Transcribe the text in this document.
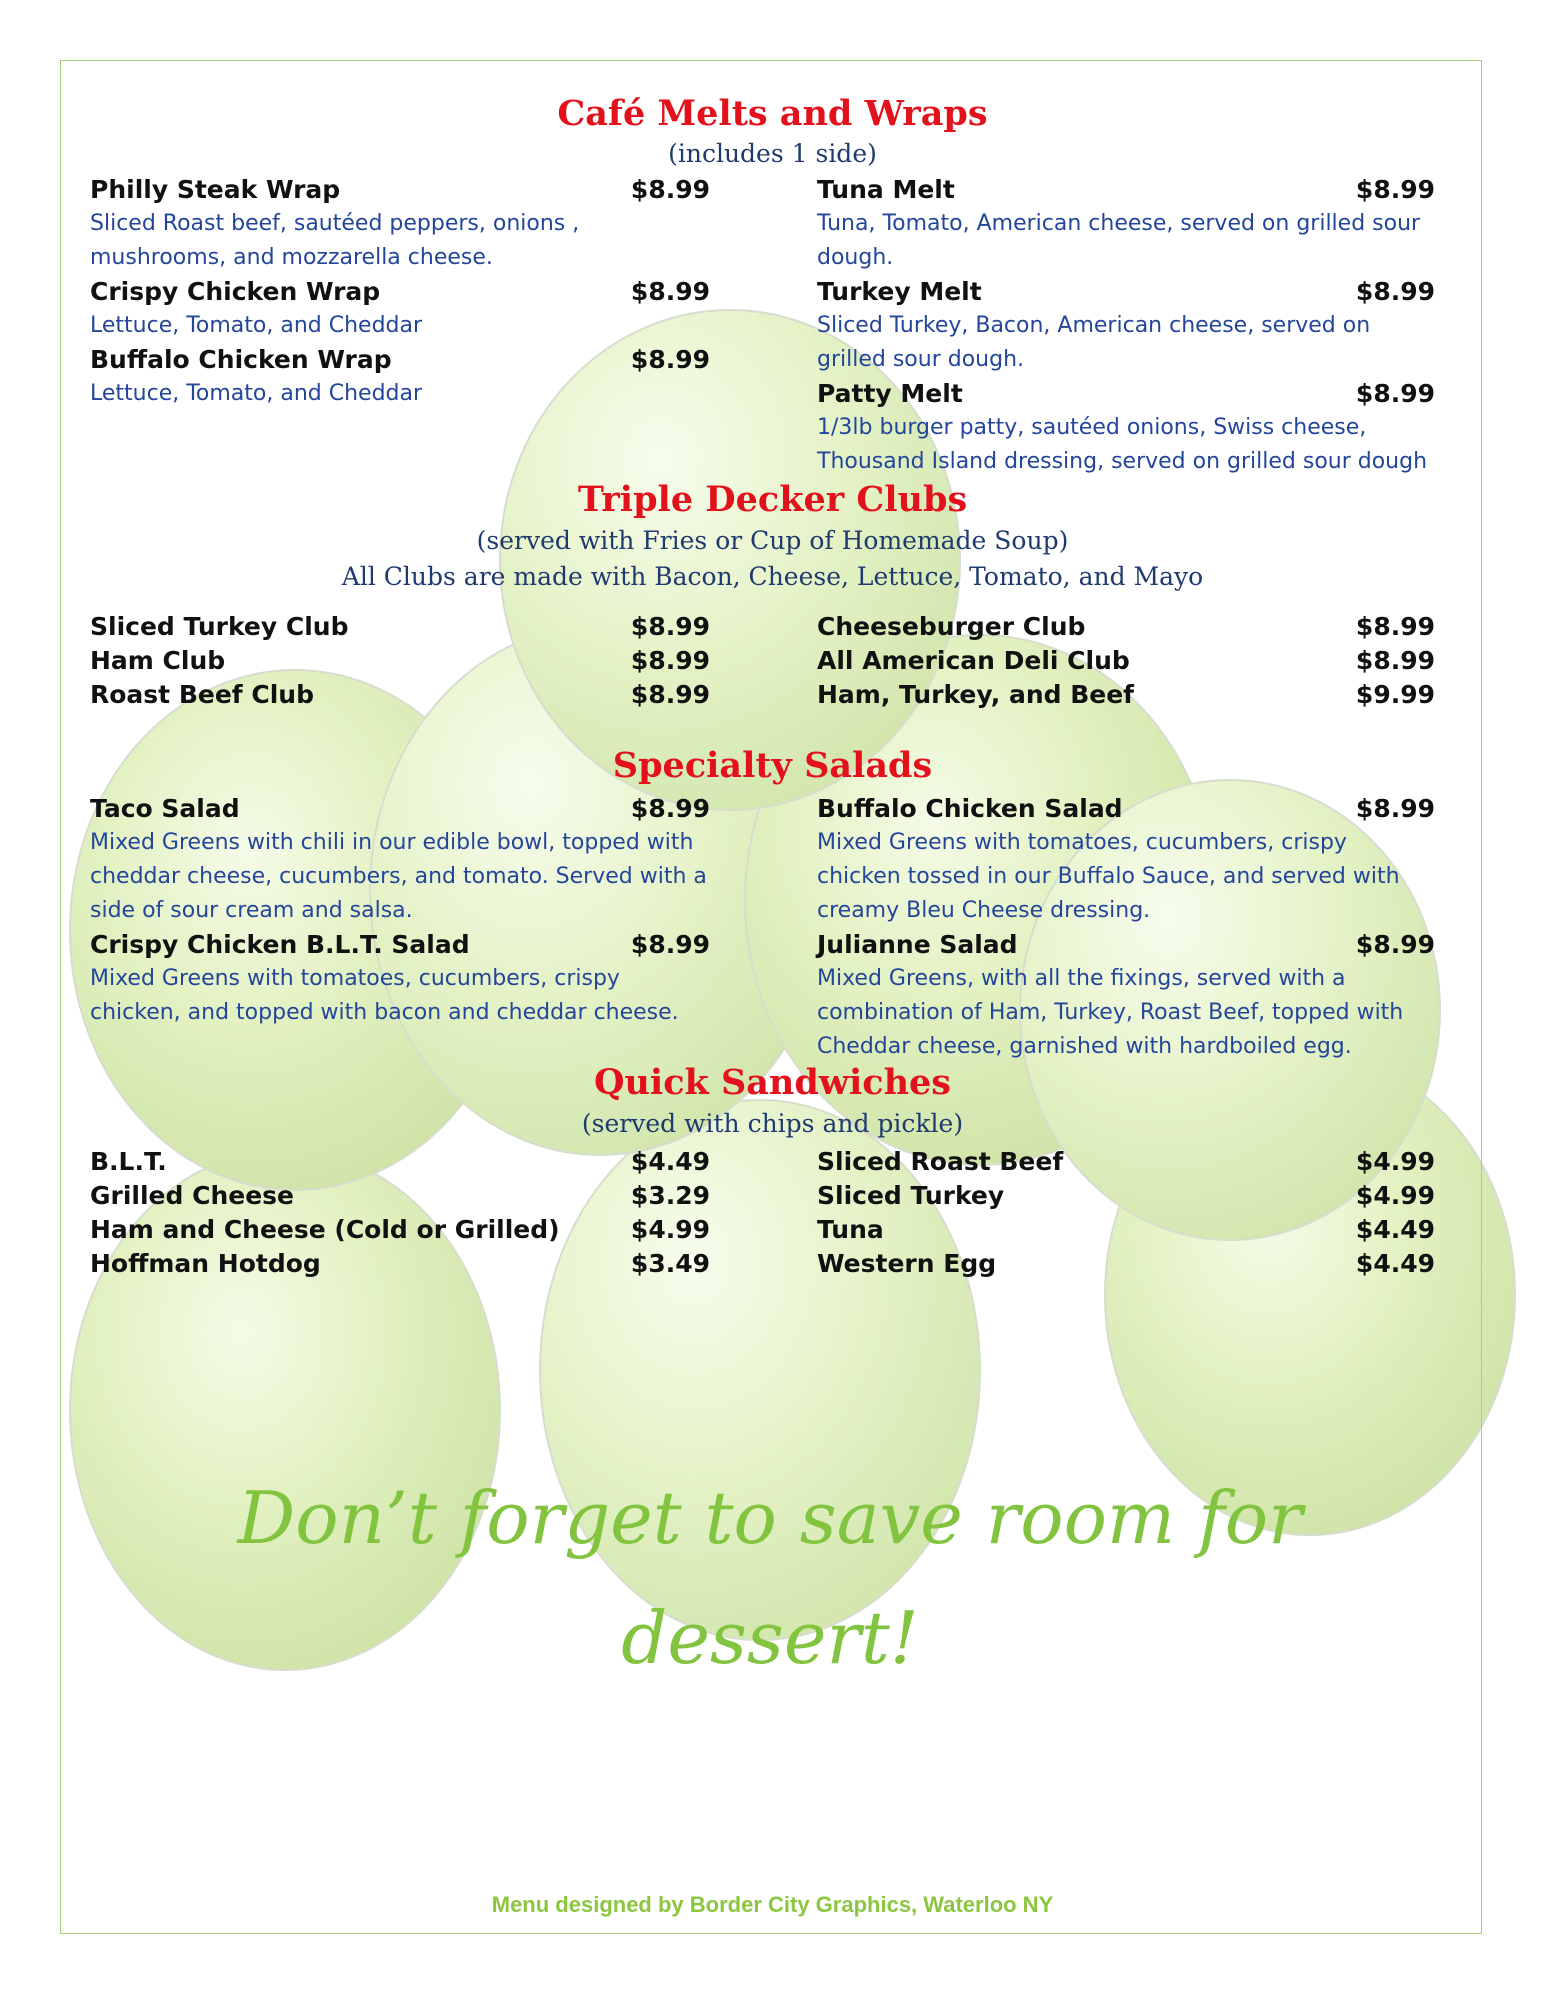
Café Melts and Wraps

(includes 1 side)

Philly Steak Wrap	$8.99

Sliced Roast beef, sautéed peppers, onions , mushrooms, and mozzarella cheese.

Crispy Chicken Wrap	$8.99

Lettuce, Tomato, and Cheddar

Buffalo Chicken Wrap	$8.99

Lettuce, Tomato, and Cheddar

Tuna Melt	$8.99

Tuna, Tomato, American cheese, served on grilled sour dough.

Turkey Melt	$8.99

Sliced Turkey, Bacon, American cheese, served on grilled sour dough.

Patty Melt	$8.99

1/3lb burger patty, sautéed onions, Swiss cheese, Thousand Island dressing, served on grilled sour dough

Triple Decker Clubs

(served with Fries or Cup of Homemade Soup)

All Clubs are made with Bacon, Cheese, Lettuce, Tomato, and Mayo

Sliced Turkey Club	$8.99
Ham Club	$8.99
Roast Beef Club	$8.99
Cheeseburger Club	$8.99
All American Deli Club	$8.99
Ham, Turkey, and Beef	$9.99
Specialty Salads
Taco Salad	$8.99

Mixed Greens with chili in our edible bowl, topped with cheddar cheese, cucumbers, and tomato. Served with a side of sour cream and salsa.

Crispy Chicken B.L.T. Salad	$8.99

Mixed Greens with tomatoes, cucumbers, crispy chicken, and topped with bacon and cheddar cheese.

Buffalo Chicken Salad	$8.99

Mixed Greens with tomatoes, cucumbers, crispy chicken tossed in our Buffalo Sauce, and served with creamy Bleu Cheese dressing.

Julianne Salad	$8.99

Mixed Greens, with all the fixings, served with a combination of Ham, Turkey, Roast Beef, topped with Cheddar cheese, garnished with hardboiled egg.

Quick Sandwiches

(served with chips and pickle)

B.L.T.	$4.49
Grilled Cheese	$3.29
Ham and Cheese (Cold or Grilled)	$4.99
Hoffman Hotdog	$3.49
Sliced Roast Beef	$4.99
Sliced Turkey	$4.99
Tuna	$4.49
Western Egg	$4.49
Don’t forget to save room for
dessert!
Menu designed by Border City Graphics, Waterloo NY
